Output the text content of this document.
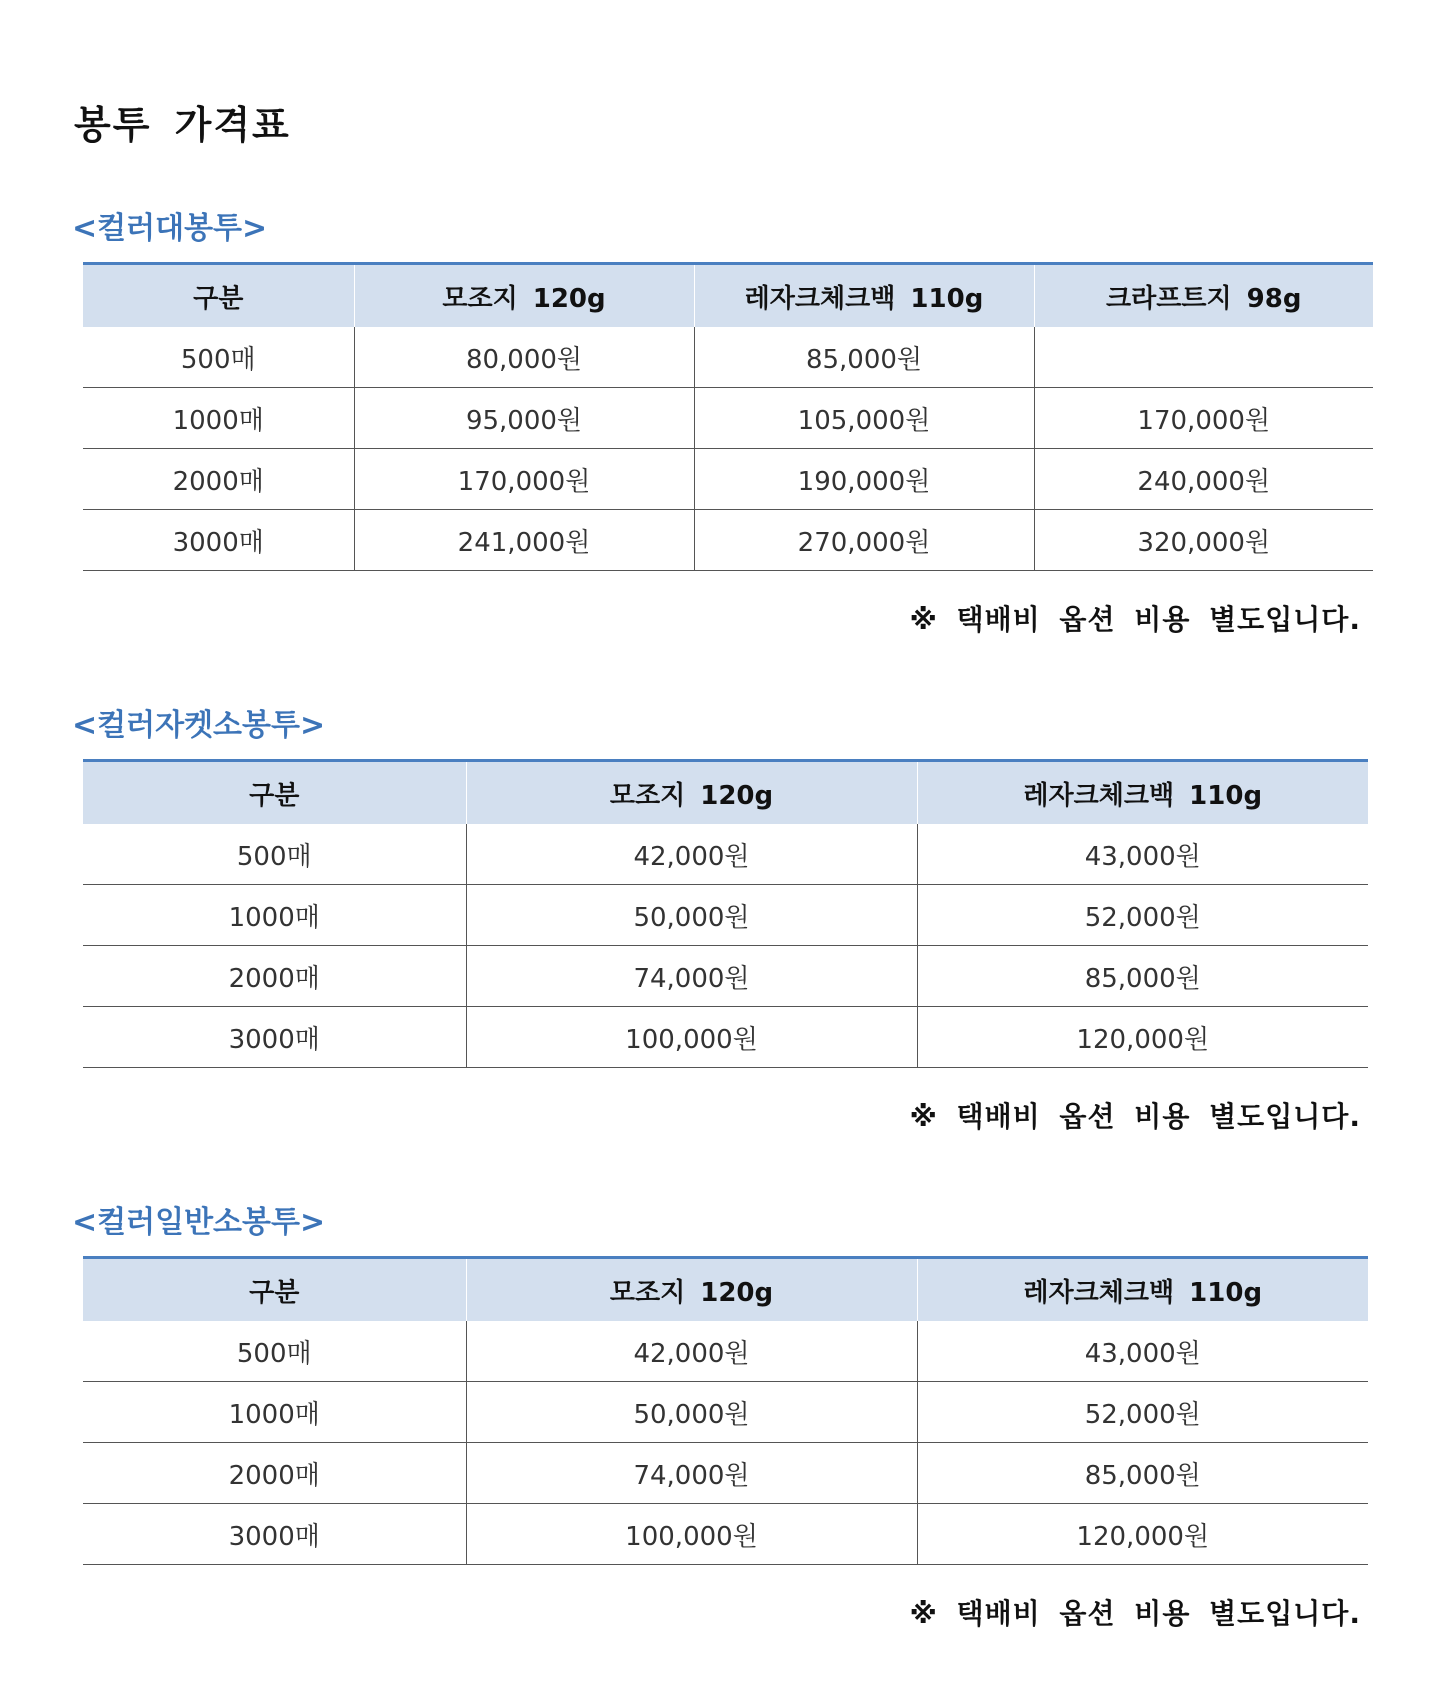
봉투 가격표
<컬러대봉투>
구분	모조지 120g	레자크체크백 110g	크라프트지 98g
500매	80,000원	85,000원	
1000매	95,000원	105,000원	170,000원
2000매	170,000원	190,000원	240,000원
3000매	241,000원	270,000원	320,000원

※ 택배비 옵션 비용 별도입니다.

<컬러자켓소봉투>
구분	모조지 120g	레자크체크백 110g
500매	42,000원	43,000원
1000매	50,000원	52,000원
2000매	74,000원	85,000원
3000매	100,000원	120,000원

※ 택배비 옵션 비용 별도입니다.

<컬러일반소봉투>
구분	모조지 120g	레자크체크백 110g
500매	42,000원	43,000원
1000매	50,000원	52,000원
2000매	74,000원	85,000원
3000매	100,000원	120,000원

※ 택배비 옵션 비용 별도입니다.
